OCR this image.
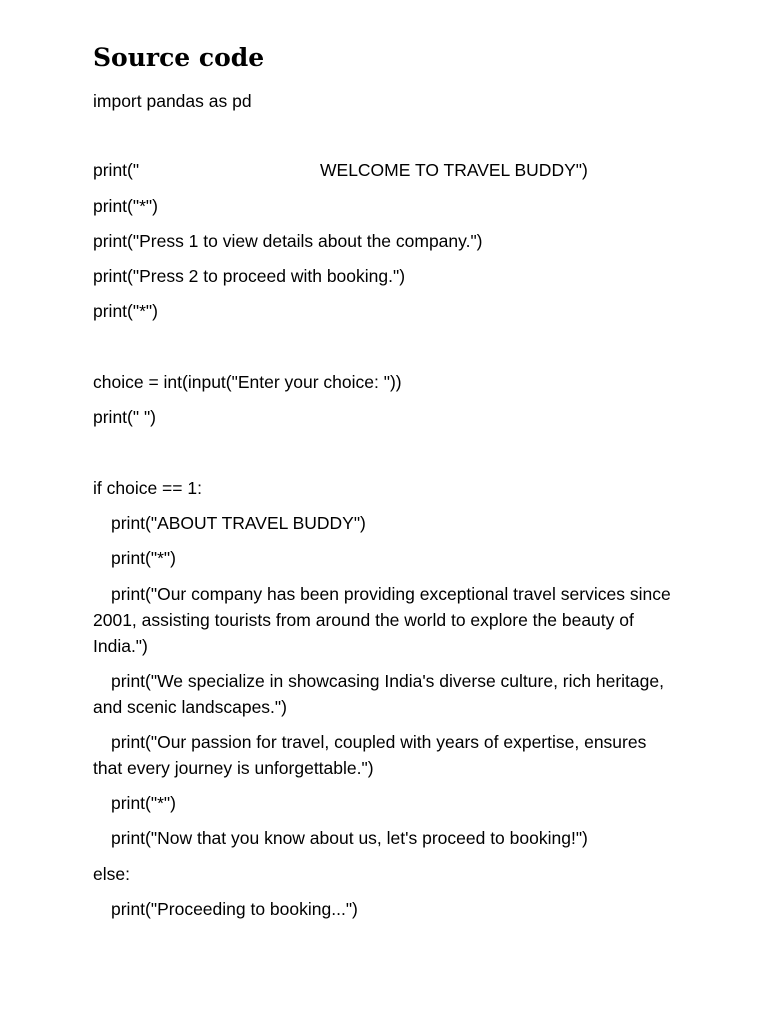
Source code

import pandas as pd

print("	WELCOME TO TRAVEL BUDDY")

print("*")

print("Press 1 to view details about the company.")

print("Press 2 to proceed with booking.")

print("*")

choice = int(input("Enter your choice: "))

print(" ")

if choice == 1:

print("ABOUT TRAVEL BUDDY")

print("*")

print("Our company has been providing exceptional travel services since 2001, assisting tourists from around the world to explore the beauty of India.")

print("We specialize in showcasing India's diverse culture, rich heritage, and scenic landscapes.")

print("Our passion for travel, coupled with years of expertise, ensures that every journey is unforgettable.")

print("*")

print("Now that you know about us, let's proceed to booking!")

else:

print("Proceeding to booking...")
